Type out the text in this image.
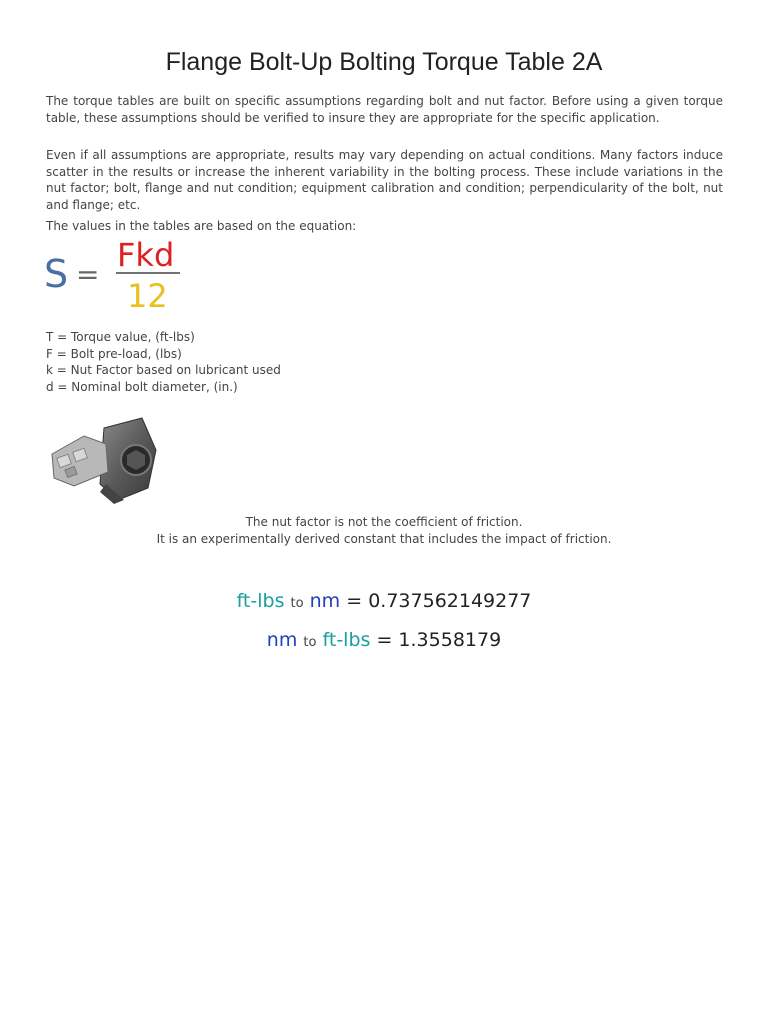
Flange Bolt-Up Bolting Torque Table 2A
The torque tables are built on specific assumptions regarding bolt and nut factor. Before using a given torque table, these assumptions should be verified to insure they are appropriate for the specific application.
Even if all assumptions are appropriate, results may vary depending on actual conditions. Many factors induce scatter in the results or increase the inherent variability in the bolting process. These include variations in the nut factor; bolt, flange and nut condition; equipment calibration and condition; perpendicularity of the bolt, nut and flange; etc.
The values in the tables are based on the equation:
S =
Fkd
12
T = Torque value, (ft-lbs)
F = Bolt pre-load, (lbs)
k = Nut Factor based on lubricant used
d = Nominal bolt diameter, (in.)
The nut factor is not the coefficient of friction.
It is an experimentally derived constant that includes the impact of friction.
ft-lbs to nm = 0.737562149277
nm to ft-lbs = 1.3558179
